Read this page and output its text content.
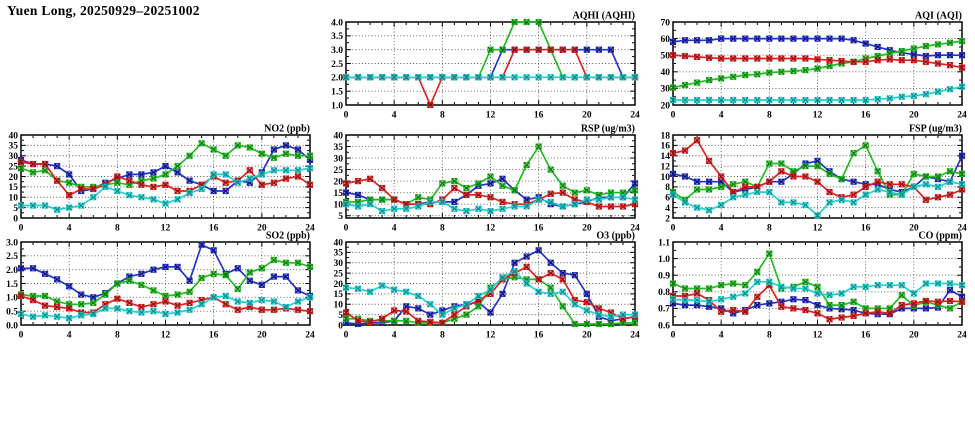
Yuen Long, 20250929–20251002
1.0
1.5
2.0
2.5
3.0
3.5
4.0
0	4	8	12	16	20	24
AQHI (AQHI)
20
30
40
50
60
70
0	4	8	12	16	20	24
AQI (AQI)
0
5
10
15
20
25
30
35
40
0	4	8	12	16	20	24
NO2 (ppb)
5
10
15
20
25
30
35
40
0	4	8	12	16	20	24
RSP (ug/m3)
2
4
6
8
10
12
14
16
18
0	4	8	12	16	20	24
FSP (ug/m3)
0.0
0.5
1.0
1.5
2.0
2.5
3.0
0	4	8	12	16	20	24
SO2 (ppb)
0
5
10
15
20
25
30
35
40
0	4	8	12	16	20	24
O3 (ppb)
0.6
0.7
0.8
0.9
1.0
1.1
0	4	8	12	16	20	24
CO (ppm)
